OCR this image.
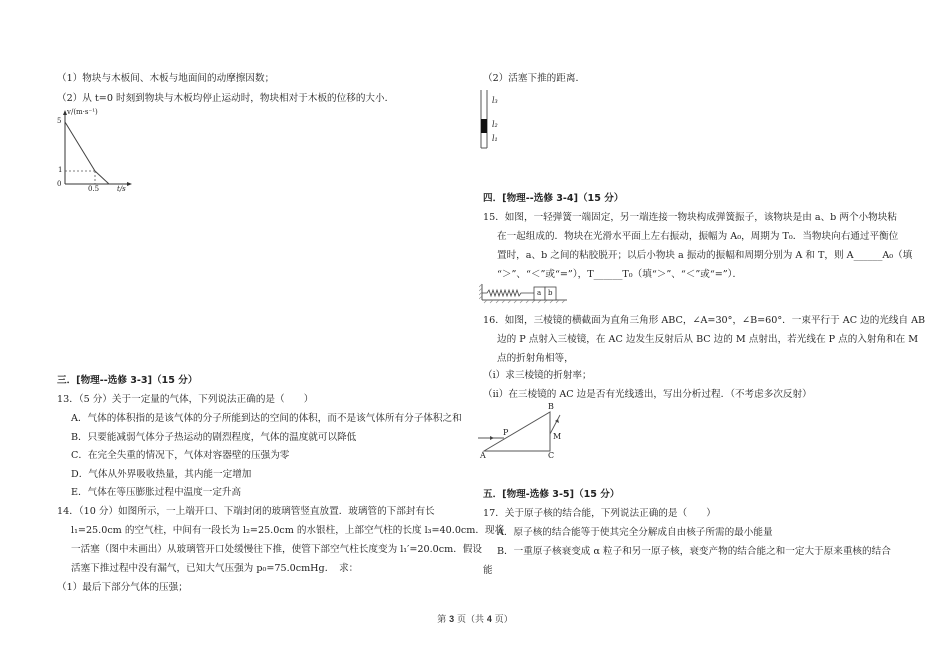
（1）物块与木板间、木板与地面间的动摩擦因数；
（2）从 t=0 时刻到物块与木板均停止运动时，物块相对于木板的位移的大小．
v/(m·s⁻¹)
5
1
0
0.5	t/s
三．[物理--选修 3-3]（15 分）
13．（5 分）关于一定量的气体，下列说法正确的是（　　）
A．气体的体积指的是该气体的分子所能到达的空间的体积，而不是该气体所有分子体积之和
B．只要能减弱气体分子热运动的剧烈程度，气体的温度就可以降低
C．在完全失重的情况下，气体对容器壁的压强为零
D．气体从外界吸收热量，其内能一定增加
E．气体在等压膨胀过程中温度一定升高
14．（10 分）如图所示，一上端开口、下端封闭的玻璃管竖直放置．玻璃管的下部封有长
l₁=25.0cm 的空气柱，中间有一段长为 l₂=25.0cm 的水银柱，上部空气柱的长度 l₃=40.0cm．现将
一活塞（图中未画出）从玻璃管开口处缓慢往下推，使管下部空气柱长度变为 l₁′=20.0cm．假设
活塞下推过程中没有漏气，已知大气压强为 p₀=75.0cmHg．　求：
（1）最后下部分气体的压强；
（2）活塞下推的距离．
l₃
l₂
l₁
四．[物理--选修 3-4]（15 分）
15．如图，一轻弹簧一端固定，另一端连接一物块构成弹簧振子，该物块是由 a、b 两个小物块粘
在一起组成的．物块在光滑水平面上左右振动，振幅为 A₀，周期为 T₀．当物块向右通过平衡位
置时，a、b 之间的粘胶脱开；以后小物块 a 振动的振幅和周期分别为 A 和 T，则 A______A₀（填
“＞”、“＜”或“=”），T______T₀（填“＞”、“＜”或“=”）．
a b
16．如图，三棱镜的横截面为直角三角形 ABC，∠A=30°，∠B=60°．一束平行于 AC 边的光线自 AB
边的 P 点射入三棱镜，在 AC 边发生反射后从 BC 边的 M 点射出，若光线在 P 点的入射角和在 M
点的折射角相等，
（i）求三棱镜的折射率；
（ii）在三棱镜的 AC 边是否有光线透出，写出分析过程．（不考虑多次反射）
A
B
C
P	M
五．[物理-选修 3-5]（15 分）
17．关于原子核的结合能，下列说法正确的是（　　）
A．原子核的结合能等于使其完全分解成自由核子所需的最小能量
B．一重原子核衰变成 α 粒子和另一原子核，衰变产物的结合能之和一定大于原来重核的结合
能
第 3 页（共 4 页）
